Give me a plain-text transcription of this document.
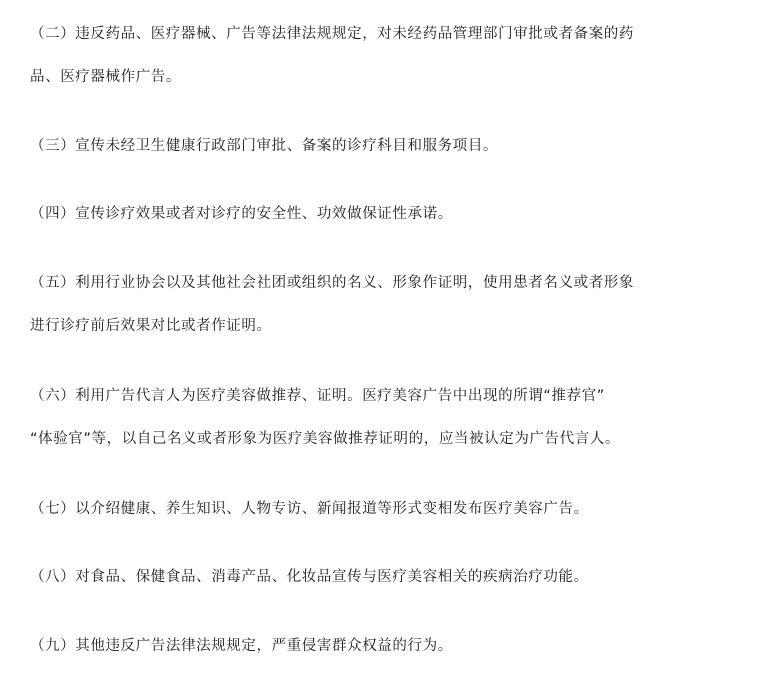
（二）违反药品、医疗器械、广告等法律法规规定，对未经药品管理部门审批或者备案的药
品、医疗器械作广告。
（三）宣传未经卫生健康行政部门审批、备案的诊疗科目和服务项目。
（四）宣传诊疗效果或者对诊疗的安全性、功效做保证性承诺。
（五）利用行业协会以及其他社会社团或组织的名义、形象作证明，使用患者名义或者形象
进行诊疗前后效果对比或者作证明。
（六）利用广告代言人为医疗美容做推荐、证明。医疗美容广告中出现的所谓“推荐官”
“体验官”等，以自己名义或者形象为医疗美容做推荐证明的，应当被认定为广告代言人。
（七）以介绍健康、养生知识、人物专访、新闻报道等形式变相发布医疗美容广告。
（八）对食品、保健食品、消毒产品、化妆品宣传与医疗美容相关的疾病治疗功能。
（九）其他违反广告法律法规规定，严重侵害群众权益的行为。
